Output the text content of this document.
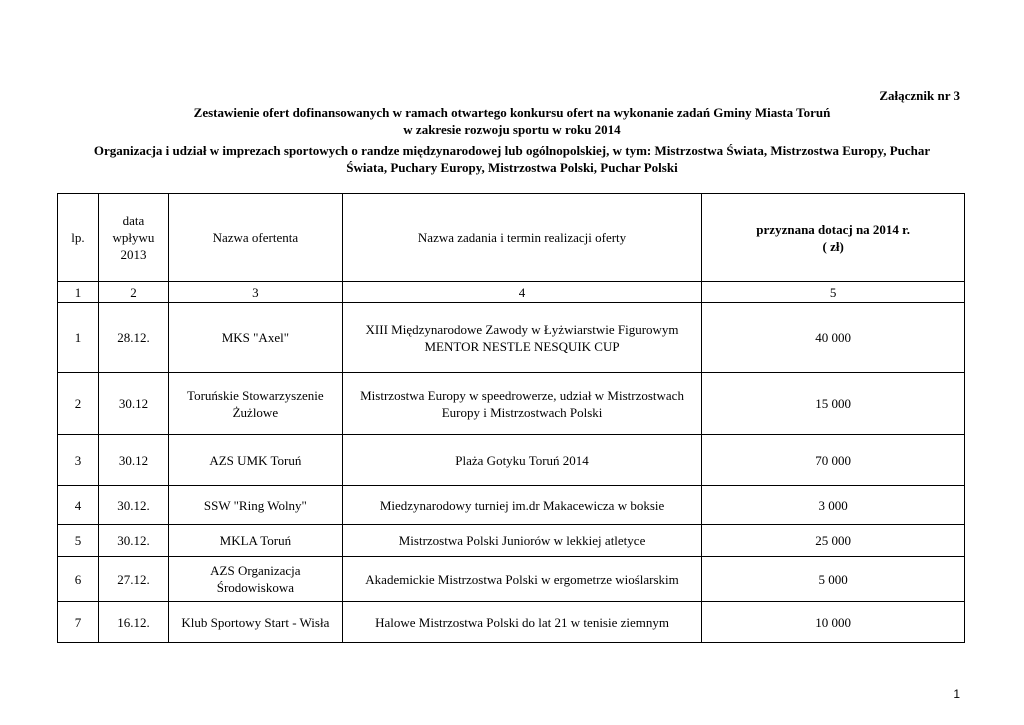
Załącznik nr 3
Zestawienie ofert dofinansowanych w ramach otwartego konkursu ofert na wykonanie zadań Gminy Miasta Toruń
w zakresie rozwoju sportu w roku 2014
Organizacja i udział w imprezach sportowych o randze międzynarodowej lub ogólnopolskiej, w tym: Mistrzostwa Świata, Mistrzostwa Europy, Puchar
Świata, Puchary Europy, Mistrzostwa Polski, Puchar Polski
lp.	data
wpływu
2013	Nazwa ofertenta	Nazwa zadania i termin realizacji oferty	przyznana dotacj na 2014 r.
( zł)

1	2	3	4	5
1	28.12.	MKS "Axel"	XIII Międzynarodowe Zawody w Łyżwiarstwie Figurowym
MENTOR NESTLE NESQUIK CUP	40 000
2	30.12	Toruńskie Stowarzyszenie
Żużlowe	Mistrzostwa Europy w speedrowerze, udział w Mistrzostwach
Europy i Mistrzostwach Polski	15 000
3	30.12	AZS UMK Toruń	Plaża Gotyku Toruń 2014	70 000
4	30.12.	SSW "Ring Wolny"	Miedzynarodowy turniej im.dr Makacewicza w boksie	3 000
5	30.12.	MKLA Toruń	Mistrzostwa Polski Juniorów w lekkiej atletyce	25 000
6	27.12.	AZS Organizacja
Środowiskowa	Akademickie Mistrzostwa Polski w ergometrze wioślarskim	5 000
7	16.12.	Klub Sportowy Start - Wisła	Halowe Mistrzostwa Polski do lat 21 w tenisie ziemnym	10 000
1
